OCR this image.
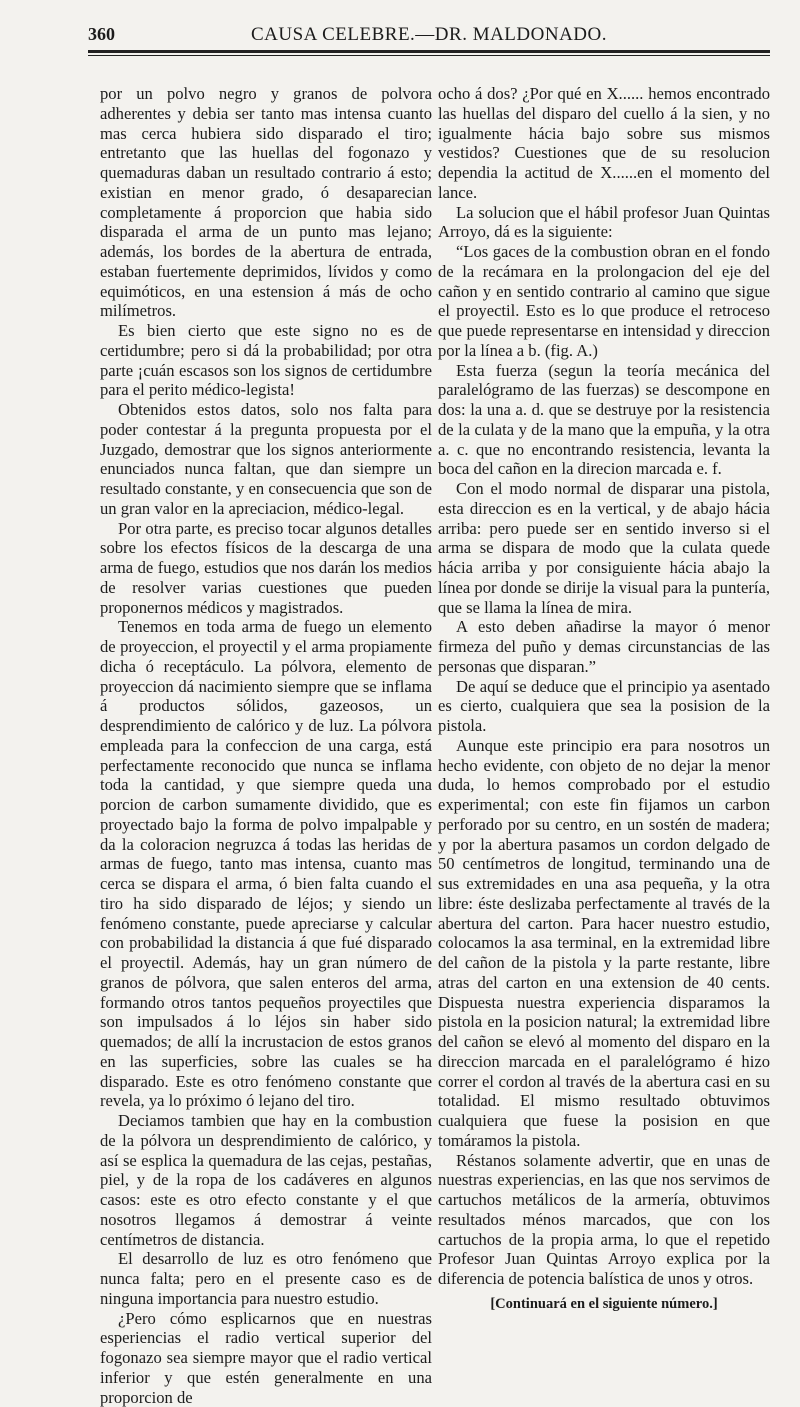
360	CAUSA CELEBRE.—DR. MALDONADO.

por un polvo negro y granos de polvora adherentes y debia ser tanto mas intensa cuanto mas cerca hubiera sido disparado el tiro; entretanto que las huellas del fogonazo y quemaduras daban un resultado contrario á esto; existian en menor grado, ó desaparecian completamente á proporcion que habia sido disparada el arma de un punto mas lejano; además, los bordes de la abertura de entrada, estaban fuertemente deprimidos, lívidos y como equimóticos, en una estension á más de ocho milímetros.

Es bien cierto que este signo no es de certidumbre; pero si dá la probabilidad; por otra parte ¡cuán escasos son los signos de certidumbre para el perito médico-legista!

Obtenidos estos datos, solo nos falta para poder contestar á la pregunta propuesta por el Juzgado, demostrar que los signos anteriormente enunciados nunca faltan, que dan siempre un resultado constante, y en consecuencia que son de un gran valor en la apreciacion, médico-legal.

Por otra parte, es preciso tocar algunos detalles sobre los efectos físicos de la descarga de una arma de fuego, estudios que nos darán los medios de resolver varias cuestiones que pueden proponernos médicos y magistrados.

Tenemos en toda arma de fuego un elemento de proyeccion, el proyectil y el arma propiamente dicha ó receptáculo. La pólvora, elemento de proyeccion dá nacimiento siempre que se inflama á productos sólidos, gazeosos, un desprendimiento de calórico y de luz. La pólvora empleada para la confeccion de una carga, está perfectamente reconocido que nunca se inflama toda la cantidad, y que siempre queda una porcion de carbon sumamente dividido, que es proyectado bajo la forma de polvo impalpable y da la coloracion negruzca á todas las heridas de armas de fuego, tanto mas intensa, cuanto mas cerca se dispara el arma, ó bien falta cuando el tiro ha sido disparado de léjos; y siendo un fenómeno constante, puede apreciarse y calcular con probabilidad la distancia á que fué disparado el proyectil. Además, hay un gran número de granos de pólvora, que salen enteros del arma, formando otros tantos pequeños proyectiles que son impulsados á lo léjos sin haber sido quemados; de allí la incrustacion de estos granos en las superficies, sobre las cuales se ha disparado. Este es otro fenómeno constante que revela, ya lo próximo ó lejano del tiro.

Deciamos tambien que hay en la combustion de la pólvora un desprendimiento de calórico, y así se esplica la quemadura de las cejas, pestañas, piel, y de la ropa de los cadáveres en algunos casos: este es otro efecto constante y el que nosotros llegamos á demostrar á veinte centímetros de distancia.

El desarrollo de luz es otro fenómeno que nunca falta; pero en el presente caso es de ninguna importancia para nuestro estudio.

¿Pero cómo esplicarnos que en nuestras esperiencias el radio vertical superior del fogonazo sea siempre mayor que el radio vertical inferior y que estén generalmente en una proporcion de

ocho á dos? ¿Por qué en X...... hemos encontrado las huellas del disparo del cuello á la sien, y no igualmente hácia bajo sobre sus mismos vestidos? Cuestiones que de su resolucion dependia la actitud de X......en el momento del lance.

La solucion que el hábil profesor Juan Quintas Arroyo, dá es la siguiente:

“Los gaces de la combustion obran en el fondo de la recámara en la prolongacion del eje del cañon y en sentido contrario al camino que sigue el proyectil. Esto es lo que produce el retroceso que puede representarse en intensidad y direccion por la línea a b. (fig. A.)

Esta fuerza (segun la teoría mecánica del paralelógramo de las fuerzas) se descompone en dos: la una a. d. que se destruye por la resistencia de la culata y de la mano que la empuña, y la otra a. c. que no encontrando resistencia, levanta la boca del cañon en la direcion marcada e. f.

Con el modo normal de disparar una pistola, esta direccion es en la vertical, y de abajo hácia arriba: pero puede ser en sentido inverso si el arma se dispara de modo que la culata quede hácia arriba y por consiguiente hácia abajo la línea por donde se dirije la visual para la puntería, que se llama la línea de mira.

A esto deben añadirse la mayor ó menor firmeza del puño y demas circunstancias de las personas que disparan.”

De aquí se deduce que el principio ya asentado es cierto, cualquiera que sea la posision de la pistola.

Aunque este principio era para nosotros un hecho evidente, con objeto de no dejar la menor duda, lo hemos comprobado por el estudio experimental; con este fin fijamos un carbon perforado por su centro, en un sostén de madera; y por la abertura pasamos un cordon delgado de 50 centímetros de longitud, terminando una de sus extremidades en una asa pequeña, y la otra libre: éste deslizaba perfectamente al través de la abertura del carton. Para hacer nuestro estudio, colocamos la asa terminal, en la extremidad libre del cañon de la pistola y la parte restante, libre atras del carton en una extension de 40 cents. Dispuesta nuestra experiencia disparamos la pistola en la posicion natural; la extremidad libre del cañon se elevó al momento del disparo en la direccion marcada en el paralelógramo é hizo correr el cordon al través de la abertura casi en su totalidad. El mismo resultado obtuvimos cualquiera que fuese la posision en que tomáramos la pistola.

Réstanos solamente advertir, que en unas de nuestras experiencias, en las que nos servimos de cartuchos metálicos de la armería, obtuvimos resultados ménos marcados, que con los cartuchos de la propia arma, lo que el repetido Profesor Juan Quintas Arroyo explica por la diferencia de potencia balística de unos y otros.

[Continuará en el siguiente número.]
